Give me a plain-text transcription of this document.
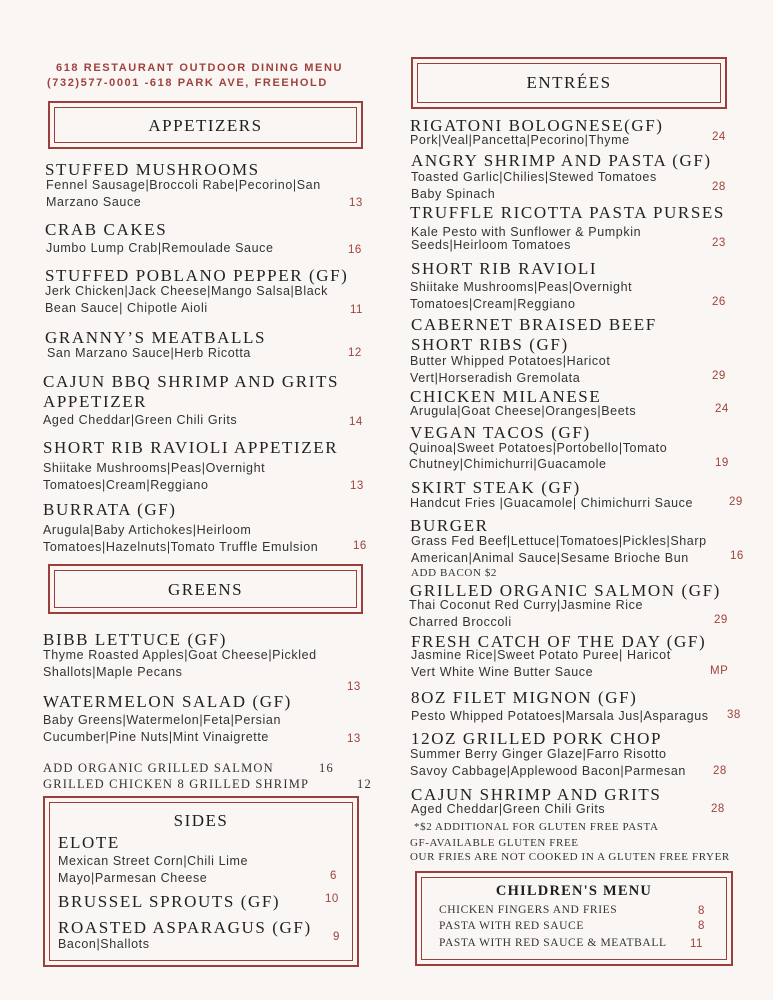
618 RESTAURANT OUTDOOR DINING MENU
(732)577-0001 -618 PARK AVE, FREEHOLD
APPETIZERS
STUFFED MUSHROOMS
Fennel Sausage|Broccoli Rabe|Pecorino|San
Marzano Sauce	13
CRAB CAKES
Jumbo Lump Crab|Remoulade Sauce	16
STUFFED POBLANO PEPPER (GF)
Jerk Chicken|Jack Cheese|Mango Salsa|Black
Bean Sauce| Chipotle Aioli	11
GRANNY’S MEATBALLS
San Marzano Sauce|Herb Ricotta	12
CAJUN BBQ SHRIMP AND GRITS
APPETIZER
Aged Cheddar|Green Chili Grits	14
SHORT RIB RAVIOLI APPETIZER
Shiitake Mushrooms|Peas|Overnight
Tomatoes|Cream|Reggiano	13
BURRATA (GF)
Arugula|Baby Artichokes|Heirloom
Tomatoes|Hazelnuts|Tomato Truffle Emulsion	16
GREENS
BIBB LETTUCE (GF)
Thyme Roasted Apples|Goat Cheese|Pickled
Shallots|Maple Pecans
13
WATERMELON SALAD (GF)
Baby Greens|Watermelon|Feta|Persian
Cucumber|Pine Nuts|Mint Vinaigrette	13
ADD ORGANIC GRILLED SALMON	16
GRILLED CHICKEN 8 GRILLED SHRIMP	12
SIDES
ELOTE
Mexican Street Corn|Chili Lime
Mayo|Parmesan Cheese	6
BRUSSEL SPROUTS (GF)	10
ROASTED ASPARAGUS (GF)
Bacon|Shallots	9
ENTRÉES
RIGATONI BOLOGNESE(GF)
Pork|Veal|Pancetta|Pecorino|Thyme	24
ANGRY SHRIMP AND PASTA (GF)
Toasted Garlic|Chilies|Stewed Tomatoes
Baby Spinach	28
TRUFFLE RICOTTA PASTA PURSES
Kale Pesto with Sunflower & Pumpkin
Seeds|Heirloom Tomatoes	23
SHORT RIB RAVIOLI
Shiitake Mushrooms|Peas|Overnight
Tomatoes|Cream|Reggiano	26
CABERNET BRAISED BEEF
SHORT RIBS (GF)
Butter Whipped Potatoes|Haricot
Vert|Horseradish Gremolata	29
CHICKEN MILANESE
Arugula|Goat Cheese|Oranges|Beets	24
VEGAN TACOS (GF)
Quinoa|Sweet Potatoes|Portobello|Tomato
Chutney|Chimichurri|Guacamole	19
SKIRT STEAK (GF)
Handcut Fries |Guacamole| Chimichurri Sauce	29
BURGER
Grass Fed Beef|Lettuce|Tomatoes|Pickles|Sharp
American|Animal Sauce|Sesame Brioche Bun	16
ADD BACON $2
GRILLED ORGANIC SALMON (GF)
Thai Coconut Red Curry|Jasmine Rice
Charred Broccoli	29
FRESH CATCH OF THE DAY (GF)
Jasmine Rice|Sweet Potato Puree| Haricot
Vert White Wine Butter Sauce	MP
8OZ FILET MIGNON (GF)
Pesto Whipped Potatoes|Marsala Jus|Asparagus 38
12OZ GRILLED PORK CHOP
Summer Berry Ginger Glaze|Farro Risotto
Savoy Cabbage|Applewood Bacon|Parmesan 28
CAJUN SHRIMP AND GRITS
Aged Cheddar|Green Chili Grits	28
*$2 ADDITIONAL FOR GLUTEN FREE PASTA
GF-AVAILABLE GLUTEN FREE
OUR FRIES ARE NOT COOKED IN A GLUTEN FREE FRYER
CHILDREN'S MENU
CHICKEN FINGERS AND FRIES	8
PASTA WITH RED SAUCE	8
PASTA WITH RED SAUCE & MEATBALL 11
